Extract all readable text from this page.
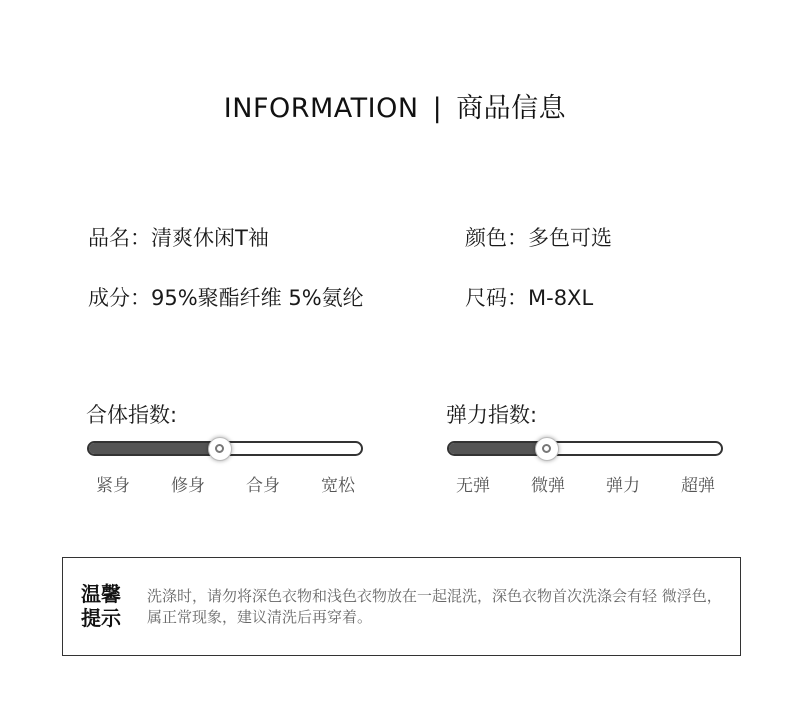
INFORMATION | 商品信息
品名：清爽休闲T袖	颜色：多色可选
成分：95%聚酯纤维 5%氨纶	尺码：M-8XL
合体指数:
紧身	修身	合身	宽松
弹力指数:
无弹	微弹	弹力	超弹
温馨
提示
洗涤时，请勿将深色衣物和浅色衣物放在一起混洗，深色衣物首次洗涤会有轻 微浮色，属正常现象，建议清洗后再穿着。
